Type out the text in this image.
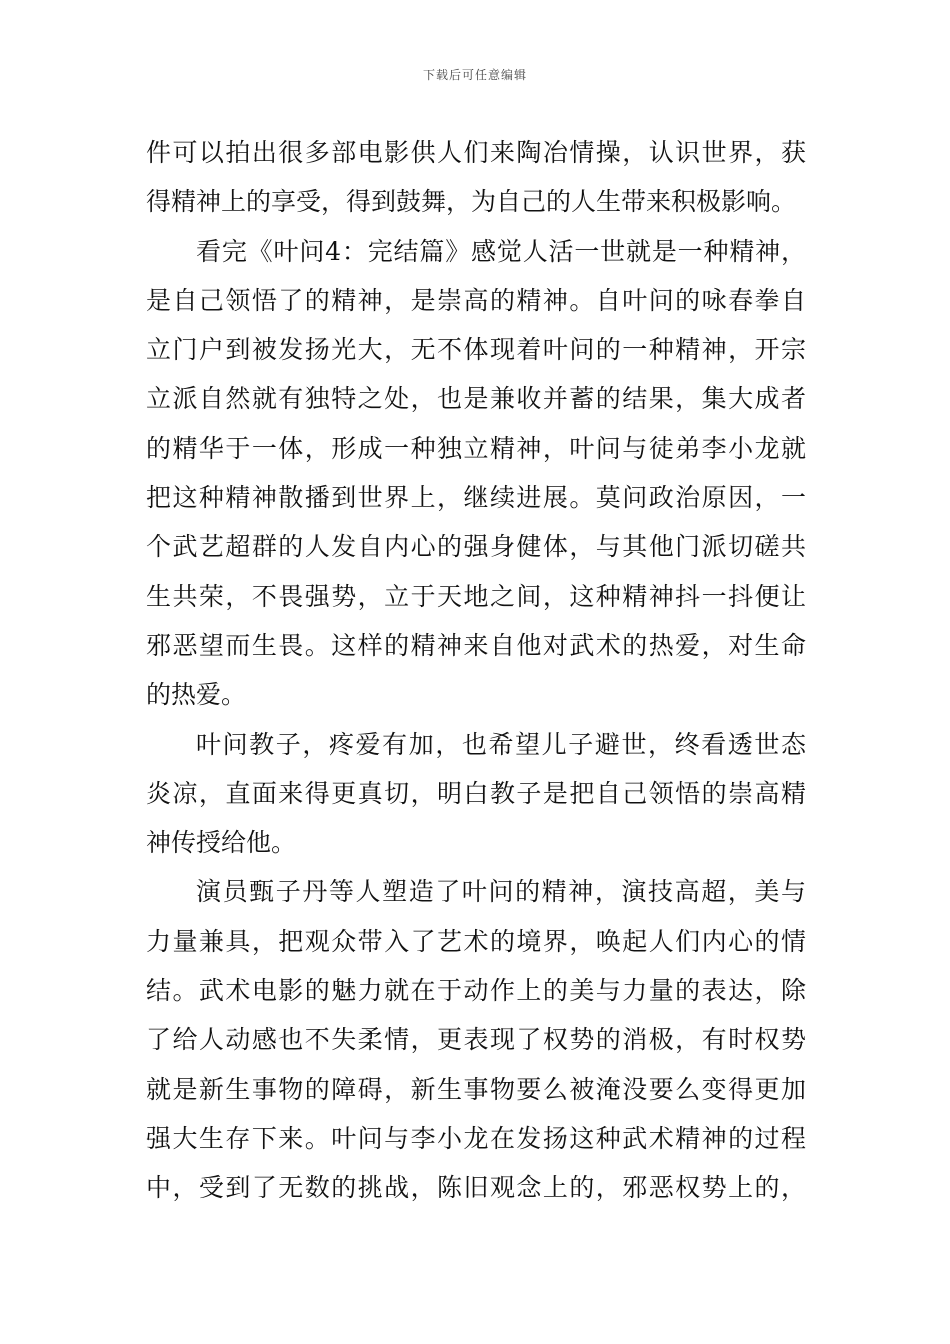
下载后可任意编辑
件可以拍出很多部电影供人们来陶冶情操，认识世界，获
得精神上的享受，得到鼓舞，为自己的人生带来积极影响。
看完《叶问4：完结篇》感觉人活一世就是一种精神，
是自己领悟了的精神，是崇高的精神。自叶问的咏春拳自
立门户到被发扬光大，无不体现着叶问的一种精神，开宗
立派自然就有独特之处，也是兼收并蓄的结果，集大成者
的精华于一体，形成一种独立精神，叶问与徒弟李小龙就
把这种精神散播到世界上，继续进展。莫问政治原因，一
个武艺超群的人发自内心的强身健体，与其他门派切磋共
生共荣，不畏强势，立于天地之间，这种精神抖一抖便让
邪恶望而生畏。这样的精神来自他对武术的热爱，对生命
的热爱。
叶问教子，疼爱有加，也希望儿子避世，终看透世态
炎凉，直面来得更真切，明白教子是把自己领悟的崇高精
神传授给他。
演员甄子丹等人塑造了叶问的精神，演技高超，美与
力量兼具，把观众带入了艺术的境界，唤起人们内心的情
结。武术电影的魅力就在于动作上的美与力量的表达，除
了给人动感也不失柔情，更表现了权势的消极，有时权势
就是新生事物的障碍，新生事物要么被淹没要么变得更加
强大生存下来。叶问与李小龙在发扬这种武术精神的过程
中，受到了无数的挑战，陈旧观念上的，邪恶权势上的，
